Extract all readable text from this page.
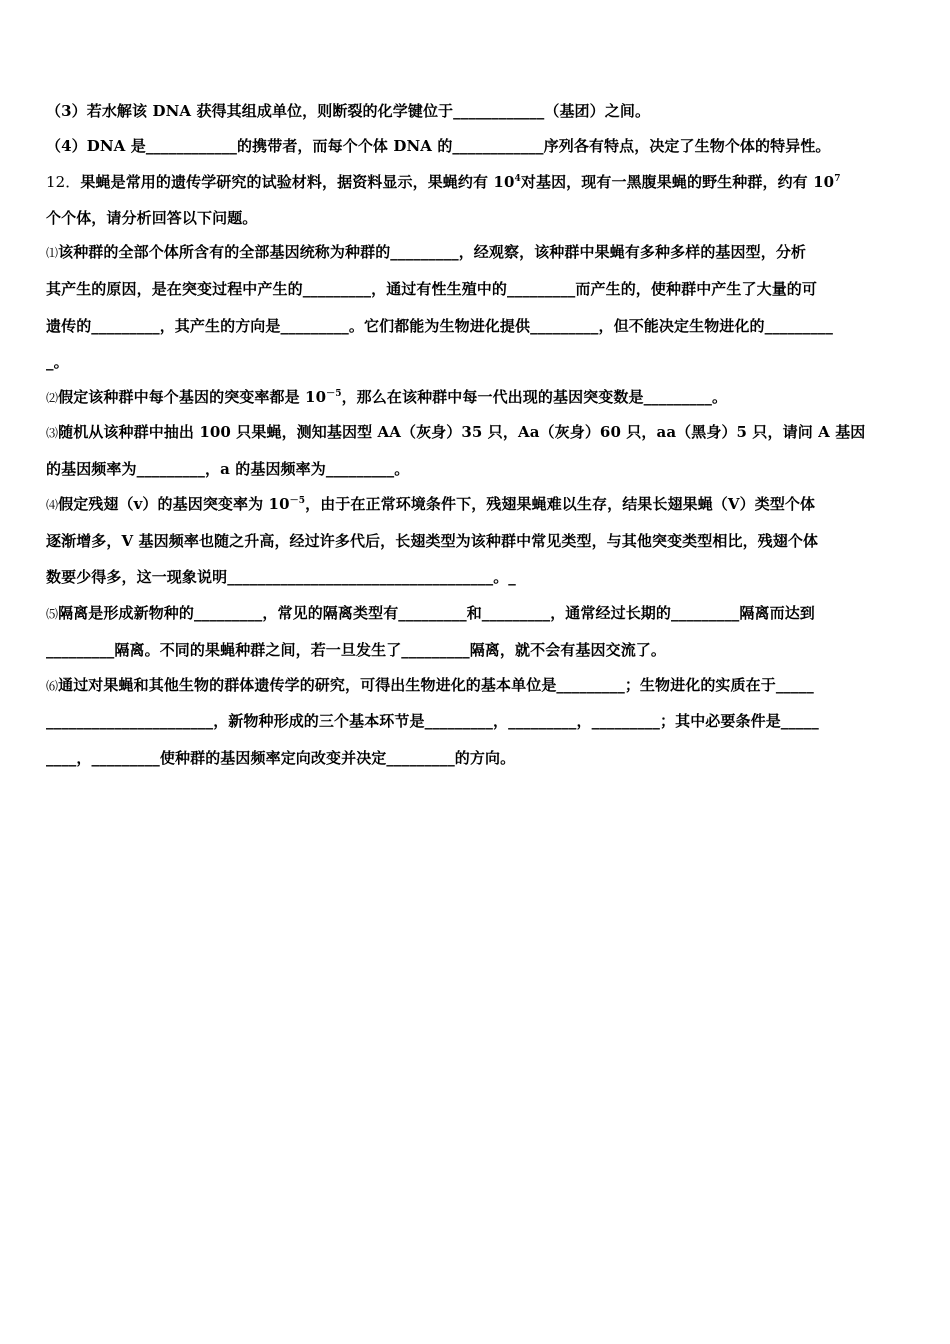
（3）若水解该 DNA 获得其组成单位，则断裂的化学键位于____________（基团）之间。
（4）DNA 是____________的携带者，而每个个体 DNA 的____________序列各有特点，决定了生物个体的特异性。
12．果蝇是常用的遗传学研究的试验材料，据资料显示，果蝇约有 $10^4$对基因，现有一黑腹果蝇的野生种群，约有 $10^7$
个个体，请分析回答以下问题。
⑴该种群的全部个体所含有的全部基因统称为种群的_________，经观察，该种群中果蝇有多种多样的基因型，分析
其产生的原因，是在突变过程中产生的_________，通过有性生殖中的_________而产生的，使种群中产生了大量的可
遗传的_________，其产生的方向是_________。它们都能为生物进化提供_________，但不能决定生物进化的_________
_。
⑵假定该种群中每个基因的突变率都是 $10^{-5}$，那么在该种群中每一代出现的基因突变数是_________。
⑶随机从该种群中抽出 100 只果蝇，测知基因型 AA（灰身）35 只，Aa（灰身）60 只，aa（黑身）5 只，请问 A 基因
的基因频率为_________，a 的基因频率为_________。
⑷假定残翅（v）的基因突变率为 $10^{-5}$，由于在正常环境条件下，残翅果蝇难以生存，结果长翅果蝇（V）类型个体
逐渐增多，V 基因频率也随之升高，经过许多代后，长翅类型为该种群中常见类型，与其他突变类型相比，残翅个体
数要少得多，这一现象说明___________________________________。_
⑸隔离是形成新物种的_________，常见的隔离类型有_________和_________，通常经过长期的_________隔离而达到
_________隔离。不同的果蝇种群之间，若一旦发生了_________隔离，就不会有基因交流了。
⑹通过对果蝇和其他生物的群体遗传学的研究，可得出生物进化的基本单位是_________；生物进化的实质在于_____
______________________，新物种形成的三个基本环节是_________，_________，_________；其中必要条件是_____
____，_________使种群的基因频率定向改变并决定_________的方向。
